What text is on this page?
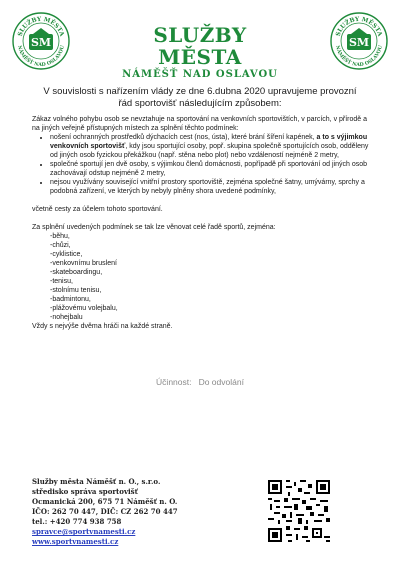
SLUŽBY MĚSTA
NÁMĚŠŤ NAD OSLAVOU
SM	SLUŽBY MĚSTA
NÁMĚŠŤ NAD OSLAVOU
SLUŽBY MĚSTA
NÁMĚŠŤ NAD OSLAVOU
SM
V souvislosti s nařízením vlády ze dne 6.dubna 2020 upravujeme provozní
řád sportovišť následujícím způsobem:

Zákaz volného pohybu osob se nevztahuje na sportování na venkovních sportovištích, v parcích, v přírodě a na jiných veřejně přístupných místech za splnění těchto podmínek:

• nošení ochranných prostředků dýchacích cest (nos, ústa), které brání šíření kapének, a to s výjimkou venkovních sportovišť, kdy jsou sportující osoby, popř. skupina společně sportujících osob, odděleny od jiných osob fyzickou překážkou (např. stěna nebo plot) nebo vzdáleností nejméně 2 metry,
• společné sportují jen dvě osoby, s výjimkou členů domácnosti, popřípadě při sportování od jiných osob zachovávají odstup nejméně 2 metry,
• nejsou využívány související vnitřní prostory sportoviště, zejména společné šatny, umývárny, sprchy a podobná zařízení, ve kterých by nebyly plněny shora uvedené podmínky,

včetně cesty za účelem tohoto sportování.

Za splnění uvedených podmínek se tak lze věnovat celé řadě sportů, zejména:

-běhu,
-chůzi,
-cyklistice,
-venkovnímu bruslení
-skateboardingu,
-tenisu,
-stolnímu tenisu,
-badmintonu,
-plážovému volejbalu,
-nohejbalu

Vždy s nejvýše dvěma hráči na každé straně.

Účinnost:   Do odvolání
Služby města Náměšť n. O., s.r.o.
středisko správa sportovišť
Ocmanická 200, 675 71 Náměšť n. O.
IČO: 262 70 447, DIČ: CZ 262 70 447
tel.: +420 774 938 758
spravce@sportvnamesti.cz
www.sportvnamesti.cz
